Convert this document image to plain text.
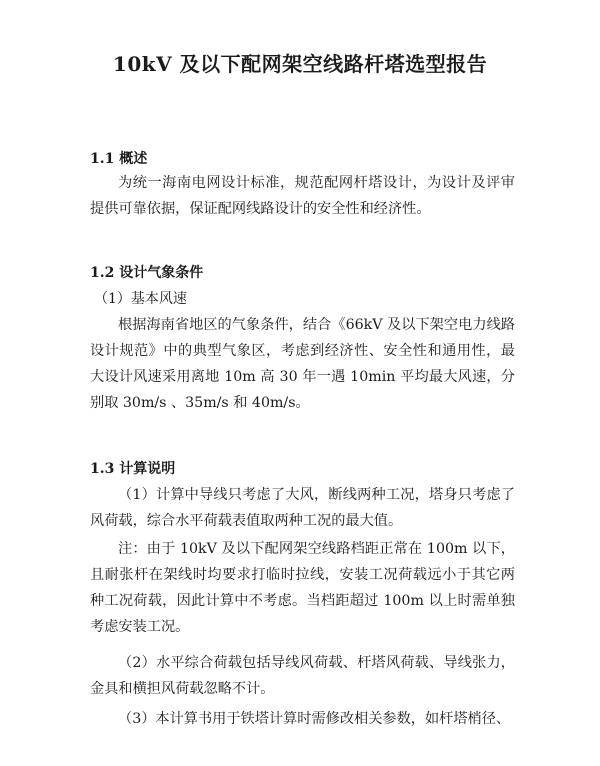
10kV 及以下配网架空线路杆塔选型报告
1.1 概述
为统一海南电网设计标准，规范配网杆塔设计，为设计及评审提供可靠依据，保证配网线路设计的安全性和经济性。
1.2 设计气象条件
（1）基本风速
根据海南省地区的气象条件，结合《66kV 及以下架空电力线路设计规范》中的典型气象区，考虑到经济性、安全性和通用性，最大设计风速采用离地 10m 高 30 年一遇 10min 平均最大风速，分别取 30m/s 、35m/s 和 40m/s。
1.3 计算说明
（1）计算中导线只考虑了大风，断线两种工况，塔身只考虑了风荷载，综合水平荷载表值取两种工况的最大值。
注：由于 10kV 及以下配网架空线路档距正常在 100m 以下，且耐张杆在架线时均要求打临时拉线，安装工况荷载远小于其它两种工况荷载，因此计算中不考虑。当档距超过 100m 以上时需单独考虑安装工况。
（2）水平综合荷载包括导线风荷载、杆塔风荷载、导线张力，金具和横担风荷载忽略不计。
（3）本计算书用于铁塔计算时需修改相关参数，如杆塔梢径、
